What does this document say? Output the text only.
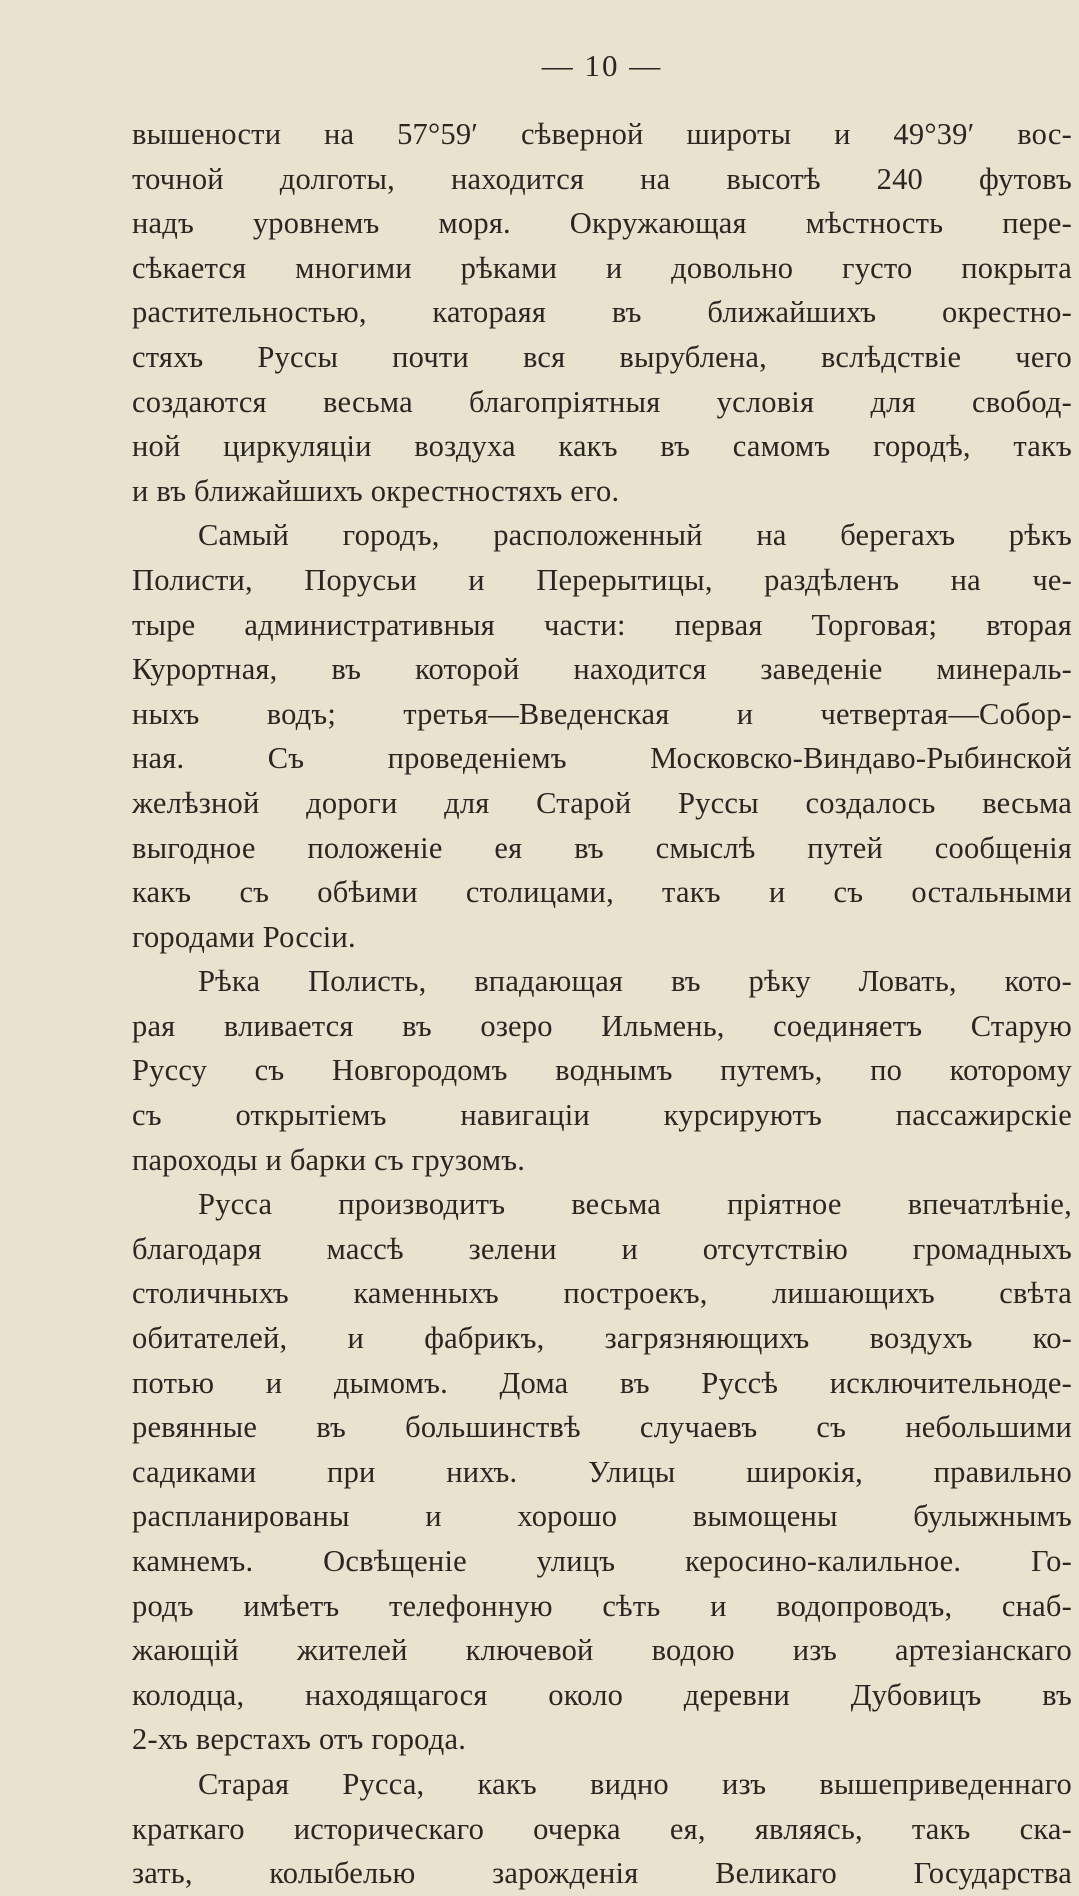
— 10 —
вышености на 57°59′ сѣверной широты и 49°39′ вос-
точной долготы, находится на высотѣ 240 футовъ
надъ уровнемъ моря. Окружающая мѣстность пере-
сѣкается многими рѣками и довольно густо покрыта
растительностью, катораяя въ ближайшихъ окрестно-
стяхъ Руссы почти вся вырублена, вслѣдствіе чего
создаются весьма благопріятныя условія для свобод-
ной циркуляціи воздуха какъ въ самомъ городѣ, такъ
и въ ближайшихъ окрестностяхъ его.
Самый городъ, расположенный на берегахъ рѣкъ
Полисти, Порусьи и Перерытицы, раздѣленъ на че-
тыре административныя части: первая Торговая; вторая
Курортная, въ которой находится заведеніе минераль-
ныхъ водъ; третья—Введенская и четвертая—Собор-
ная. Съ проведеніемъ Московско-Виндаво-Рыбинской
желѣзной дороги для Старой Руссы создалось весьма
выгодное положеніе ея въ смыслѣ путей сообщенія
какъ съ обѣими столицами, такъ и съ остальными
городами Россіи.
Рѣка Полисть, впадающая въ рѣку Ловать, кото-
рая вливается въ озеро Ильмень, соединяетъ Старую
Руссу съ Новгородомъ воднымъ путемъ, по которому
съ открытіемъ навигаціи курсируютъ пассажирскіе
пароходы и барки съ грузомъ.
Русса производитъ весьма пріятное впечатлѣніе,
благодаря массѣ зелени и отсутствію громадныхъ
столичныхъ каменныхъ построекъ, лишающихъ свѣта
обитателей, и фабрикъ, загрязняющихъ воздухъ ко-
потью и дымомъ. Дома въ Руссѣ исключительноде-
ревянные въ большинствѣ случаевъ съ небольшими
садиками при нихъ. Улицы широкія, правильно
распланированы и хорошо вымощены булыжнымъ
камнемъ. Освѣщеніе улицъ керосино-калильное. Го-
родъ имѣетъ телефонную сѣть и водопроводъ, снаб-
жающій жителей ключевой водою изъ артезіанскаго
колодца, находящагося около деревни Дубовицъ въ
2-хъ верстахъ отъ города.
Старая Русса, какъ видно изъ вышеприведеннаго
краткаго историческаго очерка ея, являясь, такъ ска-
зать, колыбелью зарожденія Великаго Государства
